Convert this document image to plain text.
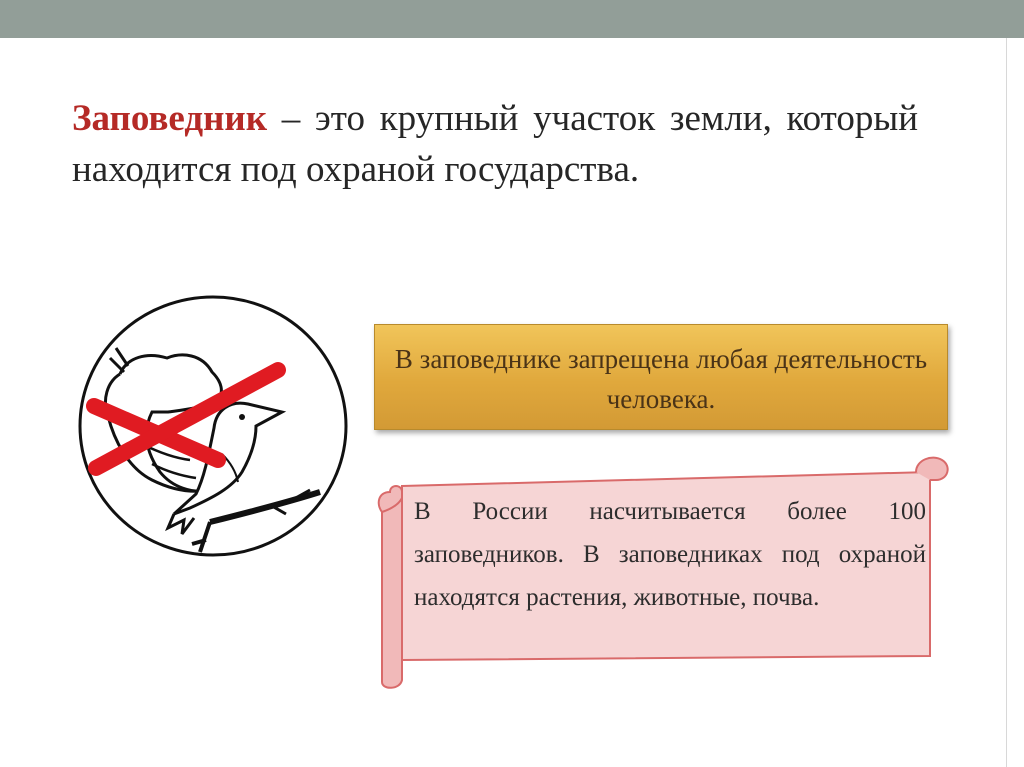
Заповедник – это крупный участок земли, который находится под охраной государства.
В заповеднике запрещена любая деятельность человека.
В России насчитывается более 100 заповедников. В заповедниках под охраной находятся растения, животные, почва.
